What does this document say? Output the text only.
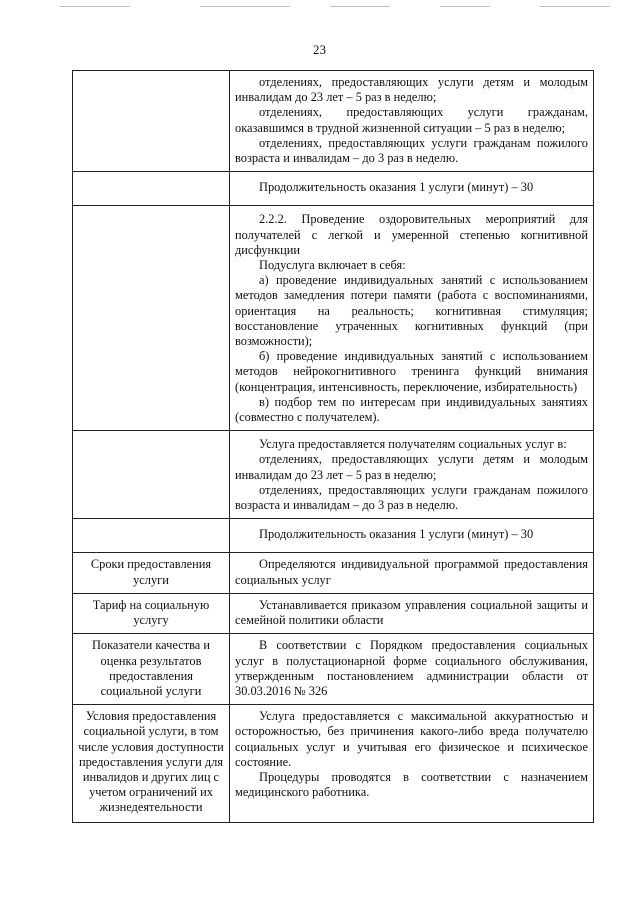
23

	отделениях, предоставляющих услуги детям и молодым инвалидам до 23 лет – 5 раз в неделю;
отделениях, предоставляющих услуги гражданам, оказавшимся в трудной жизненной ситуации – 5 раз в неделю;
отделениях, предоставляющих услуги гражданам пожилого возраста и инвалидам – до 3 раз в неделю.

	Продолжительность оказания 1 услуги (минут) – 30

	2.2.2. Проведение оздоровительных мероприятий для получателей с легкой и умеренной степенью когнитивной дисфункции
Подуслуга включает в себя:
а) проведение индивидуальных занятий с использованием методов замедления потери памяти (работа с воспоминаниями, ориентация на реальность; когнитивная стимуляция; восстановление утраченных когнитивных функций (при возможности);
б) проведение индивидуальных занятий с использованием методов нейрокогнитивного тренинга функций внимания (концентрация, интенсивность, переключение, избирательность)
в) подбор тем по интересам при индивидуальных занятиях (совместно с получателем).

	Услуга предоставляется получателям социальных услуг в:
отделениях, предоставляющих услуги детям и молодым инвалидам до 23 лет – 5 раз в неделю;
отделениях, предоставляющих услуги гражданам пожилого возраста и инвалидам – до 3 раз в неделю.

	Продолжительность оказания 1 услуги (минут) – 30

Сроки предоставления услуги	Определяются индивидуальной программой предоставления социальных услуг

Тариф на социальную услугу	Устанавливается приказом управления социальной защиты и семейной политики области

Показатели качества и оценка результатов предоставления социальной услуги	В соответствии с Порядком предоставления социальных услуг в полустационарной форме социального обслуживания, утвержденным постановлением администрации области от 30.03.2016 № 326

Условия предоставления социальной услуги, в том числе условия доступности предоставления услуги для инвалидов и других лиц с учетом ограничений их жизнедеятельности	Услуга предоставляется с максимальной аккуратностью и осторожностью, без причинения какого-либо вреда получателю социальных услуг и учитывая его физическое и психическое состояние.
Процедуры проводятся в соответствии с назначением медицинского работника.
